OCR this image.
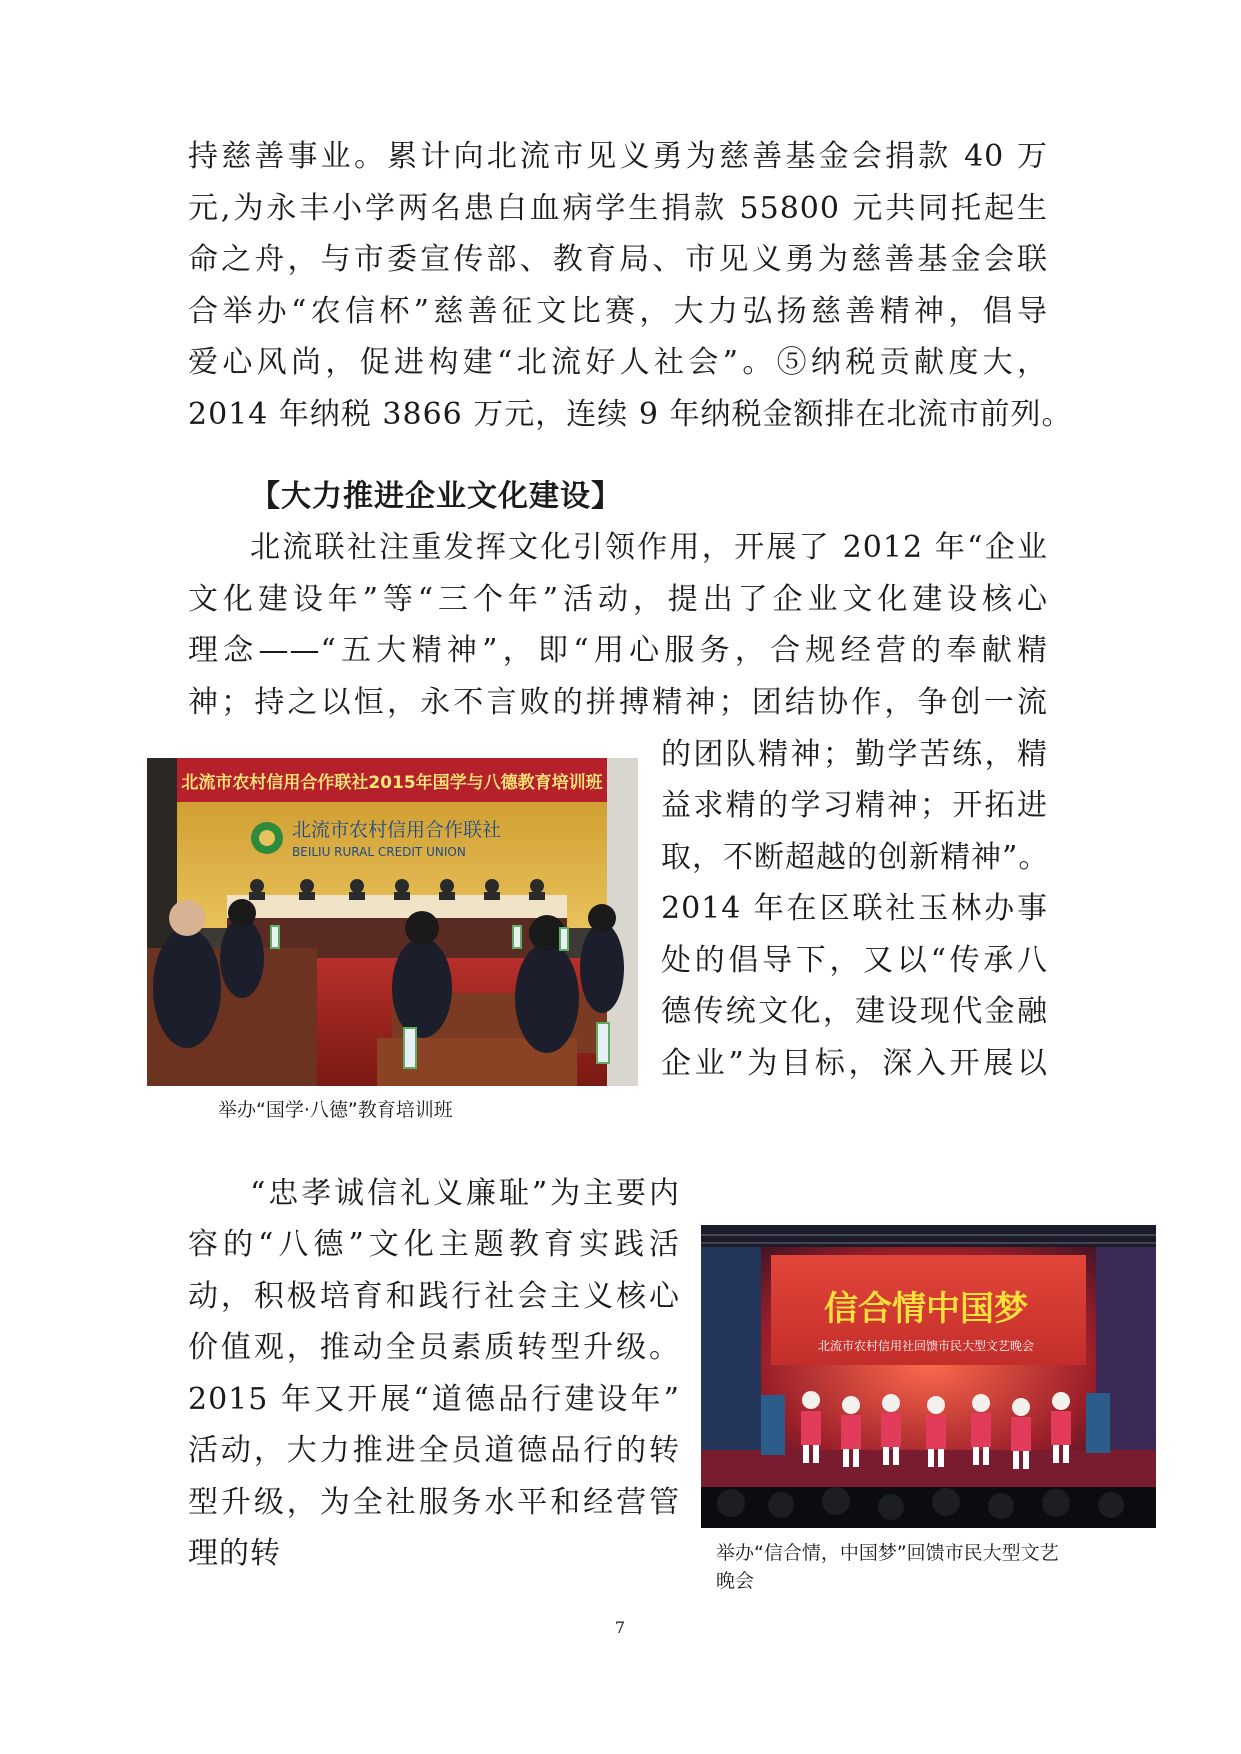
持慈善事业。累计向北流市见义勇为慈善基金会捐款 40 万
元,为永丰小学两名患白血病学生捐款 55800 元共同托起生
命之舟，与市委宣传部、教育局、市见义勇为慈善基金会联
合举办“农信杯”慈善征文比赛，大力弘扬慈善精神，倡导
爱心风尚，促进构建“北流好人社会”。⑤纳税贡献度大，
2014 年纳税 3866 万元，连续 9 年纳税金额排在北流市前列。
【大力推进企业文化建设】
北流联社注重发挥文化引领作用，开展了 2012 年“企业
文化建设年”等“三个年”活动，提出了企业文化建设核心
理念——“五大精神”，即“用心服务，合规经营的奉献精
神；持之以恒，永不言败的拼搏精神；团结协作，争创一流
的团队精神；勤学苦练，精
益求精的学习精神；开拓进
取，不断超越的创新精神”。
2014 年在区联社玉林办事
处的倡导下，又以“传承八
德传统文化，建设现代金融
企业”为目标，深入开展以
北流市农村信用合作联社2015年国学与八德教育培训班
北流市农村信用合作联社
BEILIU RURAL CREDIT UNION
举办“国学·八德”教育培训班
“忠孝诚信礼义廉耻”为主要内
容的“八德”文化主题教育实践活
动，积极培育和践行社会主义核心
价值观，推动全员素质转型升级。
2015 年又开展“道德品行建设年”
活动，大力推进全员道德品行的转
型升级，为全社服务水平和经营管
理的转
信合情中国梦
北流市农村信用社回馈市民大型文艺晚会
举办“信合情，中国梦”回馈市民大型文艺
晚会
7
